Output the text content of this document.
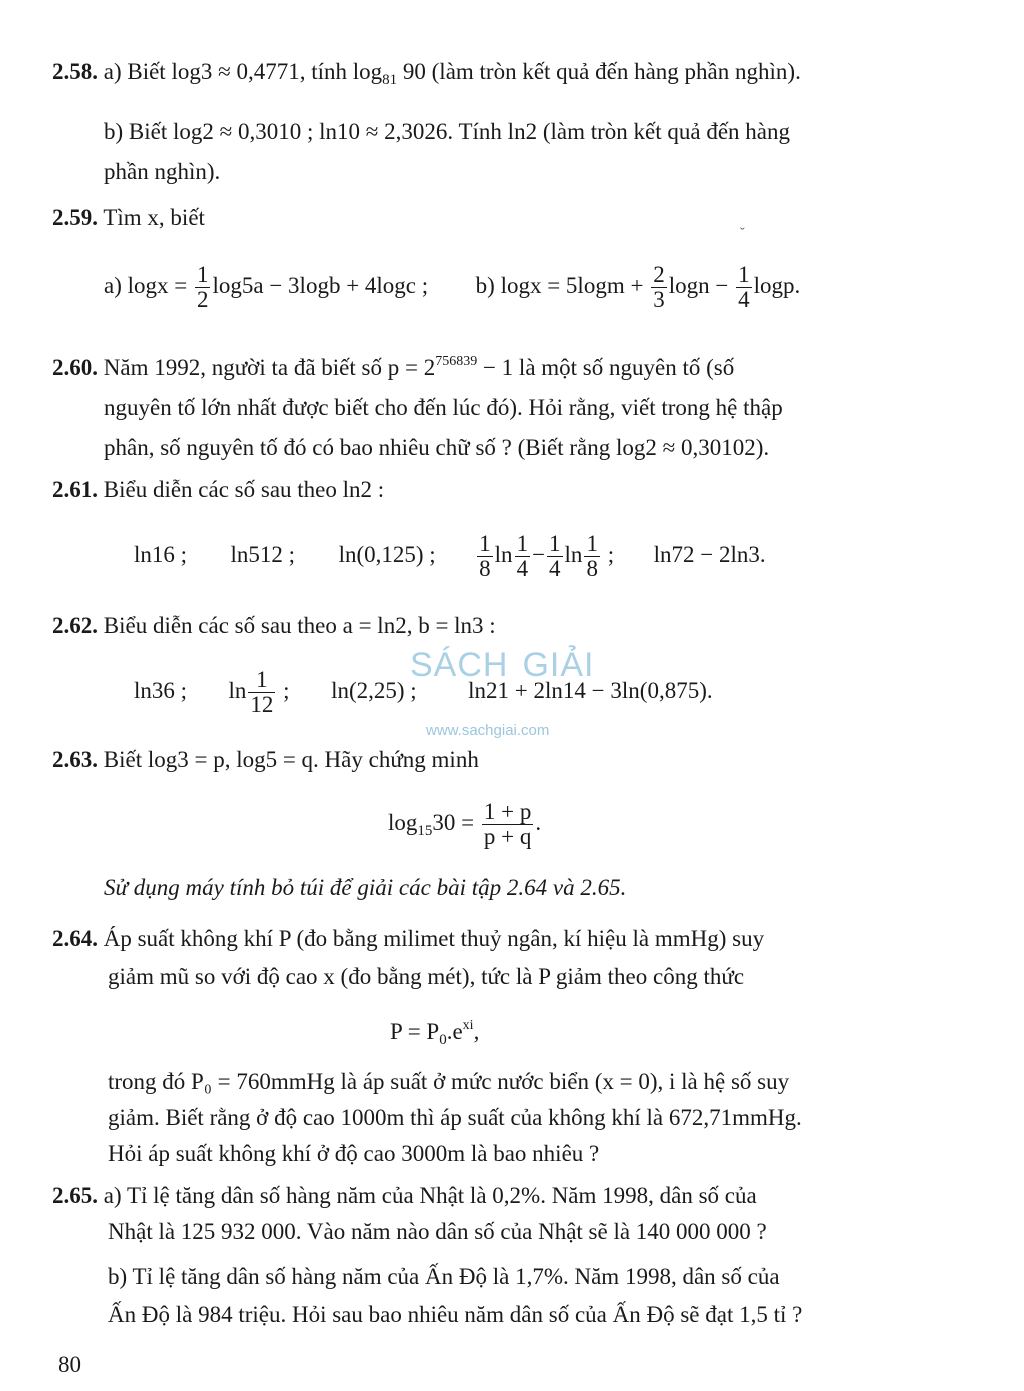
SÁCH GIẢI
www.sachgiai.com
2.58. a) Biết log3 ≈ 0,4771, tính $\log_{81} 90$ (làm tròn kết quả đến hàng phần nghìn).
b) Biết log2 ≈ 0,3010 ; ln10 ≈ 2,3026. Tính ln2 (làm tròn kết quả đến hàng
phần nghìn).
2.59. Tìm x, biết
ˇ
a) $\log x = \frac{1}{2} \log 5a - 3\log b + 4\log c$ ; b) $\log x = 5\log m + \frac{2}{3}$ $\log n - \frac{1}{4} \log p$.
2.60. Năm 1992, người ta đã biết số $p = 2^{756839} - 1$ là một số nguyên tố (số
nguyên tố lớn nhất được biết cho đến lúc đó). Hỏi rằng, viết trong hệ thập
phân, số nguyên tố đó có bao nhiêu chữ số ? (Biết rằng log2 ≈ 0,30102).
2.61. Biểu diễn các số sau theo ln2 :
ln16 ; ln512 ; ln(0,125) ; $\frac{1}{8}$ $\ln \frac{1}{4} - \frac{1}{4}$ $\ln \frac{1}{8}$ ; ln72 − 2ln3.
2.62. Biểu diễn các số sau theo a = ln2, b = ln3 :
ln36 ; $\ln \frac{1}{12}$ ; ln(2,25) ; ln21 + 2ln14 − 3ln(0,875).
2.63. Biết log3 = p, log5 = q. Hãy chứng minh
$\log_{15}30 = \frac{1 + p}{p + q}$ .
Sử dụng máy tính bỏ túi để giải các bài tập 2.64 và 2.65.
2.64. Áp suất không khí P (đo bằng milimet thuỷ ngân, kí hiệu là mmHg) suy
giảm mũ so với độ cao x (đo bằng mét), tức là P giảm theo công thức
$P = P_0.e^{xi}$,
trong đó P₀ = 760mmHg là áp suất ở mức nước biển (x = 0), i là hệ số suy
giảm. Biết rằng ở độ cao 1000m thì áp suất của không khí là 672,71mmHg.
Hỏi áp suất không khí ở độ cao 3000m là bao nhiêu ?
2.65. a) Tỉ lệ tăng dân số hàng năm của Nhật là 0,2%. Năm 1998, dân số của
Nhật là 125 932 000. Vào năm nào dân số của Nhật sẽ là 140 000 000 ?
b) Tỉ lệ tăng dân số hàng năm của Ấn Độ là 1,7%. Năm 1998, dân số của
Ấn Độ là 984 triệu. Hỏi sau bao nhiêu năm dân số của Ấn Độ sẽ đạt 1,5 tỉ ?
80
